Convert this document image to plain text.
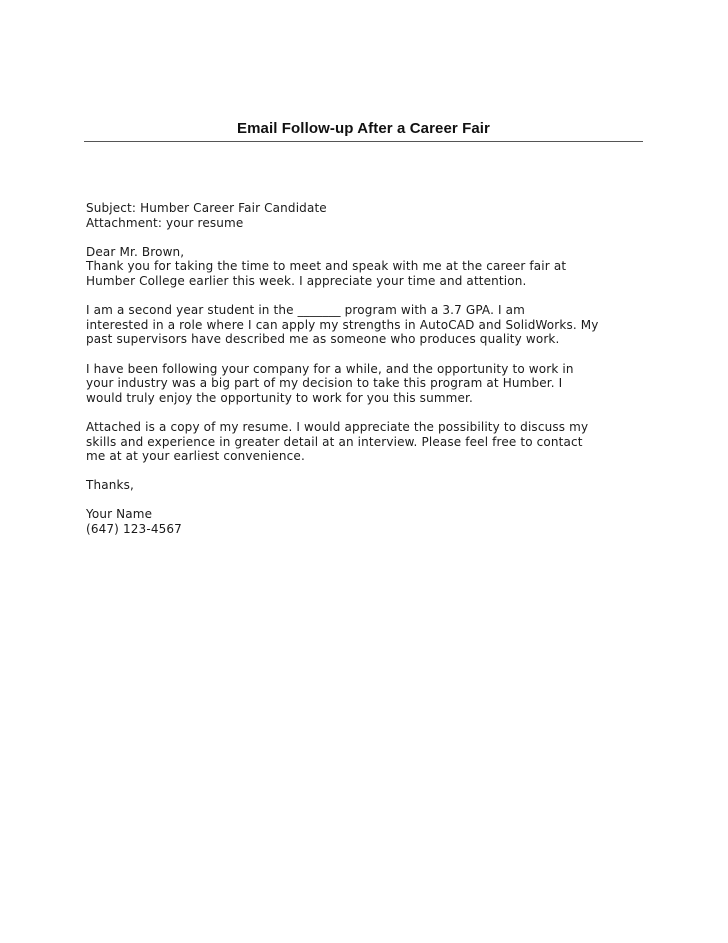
Email Follow-up After a Career Fair
Subject: Humber Career Fair Candidate
Attachment: your resume
Dear Mr. Brown,
Thank you for taking the time to meet and speak with me at the career fair at
Humber College earlier this week. I appreciate your time and attention.
I am a second year student in the _______ program with a 3.7 GPA. I am
interested in a role where I can apply my strengths in AutoCAD and SolidWorks. My
past supervisors have described me as someone who produces quality work.
I have been following your company for a while, and the opportunity to work in
your industry was a big part of my decision to take this program at Humber. I
would truly enjoy the opportunity to work for you this summer.
Attached is a copy of my resume. I would appreciate the possibility to discuss my
skills and experience in greater detail at an interview. Please feel free to contact
me at at your earliest convenience.
Thanks,
Your Name
(647) 123-4567
